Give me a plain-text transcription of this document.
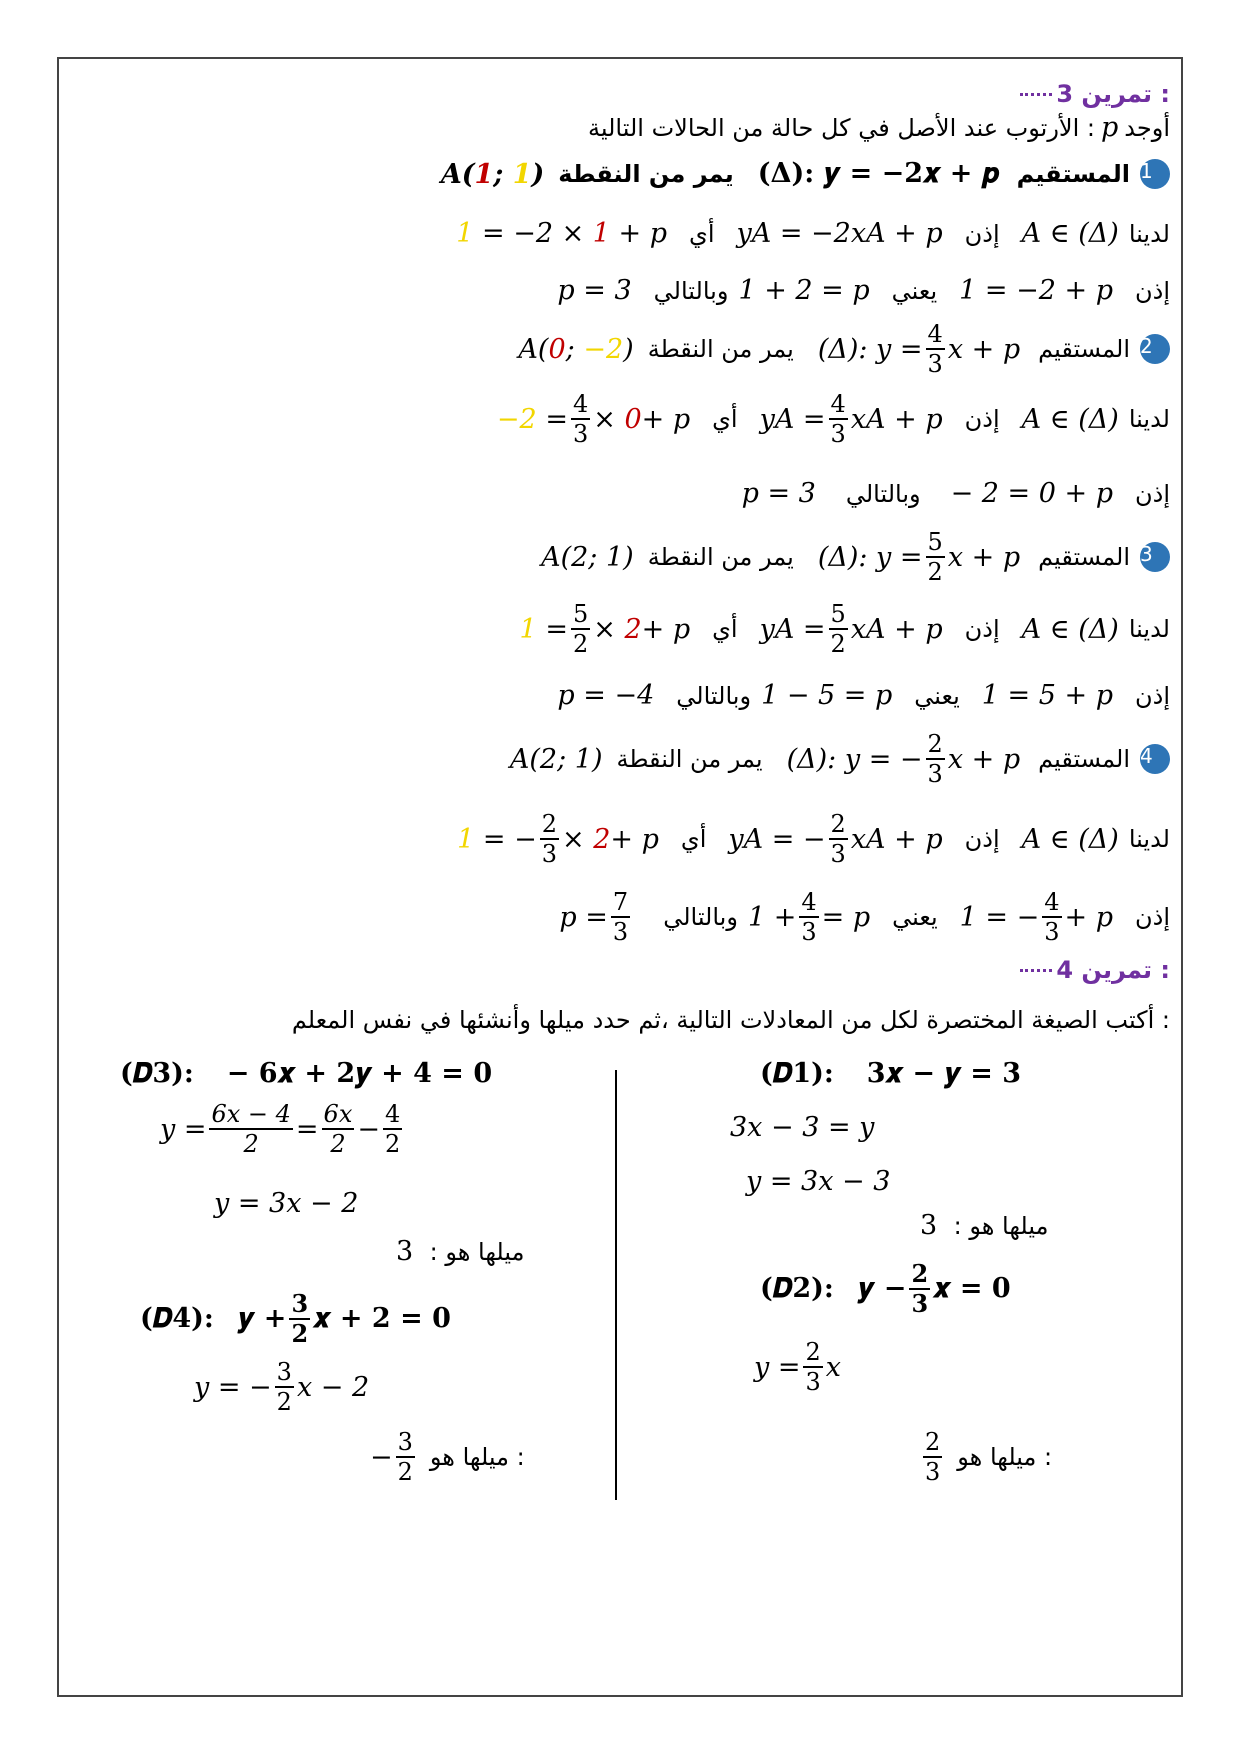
تمرين 3 :
أوجد
p
الأرتوب عند الأصل في كل حالة من الحالات التالية :
1
المستقيم
(Δ): 𝒚 = −𝟐𝒙 + 𝒑
يمر من النقطة
A(1; 1)
لدينا
A ∈ (Δ)
إذن
yA = −2xA + p
أي
1 = −2 × 1 + p
إذن
1 = −2 + p
يعني
1 + 2 = p
وبالتالي
p = 3
2
المستقيم
(Δ): $y = \frac{4}{3}$ x + p
يمر من النقطة
A(0; −2)
لدينا
A ∈ (Δ)
إذن
yA = $\frac{4}{3}$ xA + p
أي
−2
= $\frac{4}{3}$ ×
0 + p
إذن
− 2 = 0 + p
وبالتالي
p = 3
3
المستقيم
(Δ): $y = \frac{5}{2}$ x + p
يمر من النقطة
A(2; 1)
لدينا
A ∈ (Δ)
إذن
yA = $\frac{5}{2}$ xA + p
أي
1
= $\frac{5}{2}$ ×
2 + p
إذن
1 = 5 + p
يعني
1 − 5 = p
وبالتالي
p = −4
4
المستقيم
(Δ): y = − $\frac{2}{3}$ x + p
يمر من النقطة
A(2; 1)
لدينا
A ∈ (Δ)
إذن
yA = − $\frac{2}{3}$ xA + p
أي
1
= − $\frac{2}{3}$ ×
2 + p
إذن
1 = − $\frac{4}{3} + p$
يعني
$1 + \frac{4}{3} = p$
وبالتالي
$p = \frac{7}{3}$
تمرين 4 :
أكتب الصيغة المختصرة لكل من المعادلات التالية ،ثم حدد ميلها وأنشئها في نفس المعلم :
(𝑫𝟏): 𝟑𝒙 − 𝒚 = 𝟑
3x − 3 = y
y = 3x − 3
ميلها هو : 3
(𝑫𝟐): 𝒚 − $\frac{𝟐}{𝟑}$ 𝒙 = 𝟎
$y = \frac{2}{3}$ x
ميلها هو :
$\frac{2}{3}$
(𝑫𝟑): − 𝟔𝒙 + 𝟐𝒚 + 𝟒 = 𝟎
$y = \frac{6x - 4}{2} = \frac{6x}{2} - \frac{4}{2}$
y = 3x − 2
ميلها هو : 3
(𝑫𝟒): 𝒚 + $\frac{𝟑}{𝟐}$ 𝒙 + 𝟐 = 𝟎
y = − $\frac{3}{2}$ x − 2
ميلها هو :
$\frac{3}{2}$
−
